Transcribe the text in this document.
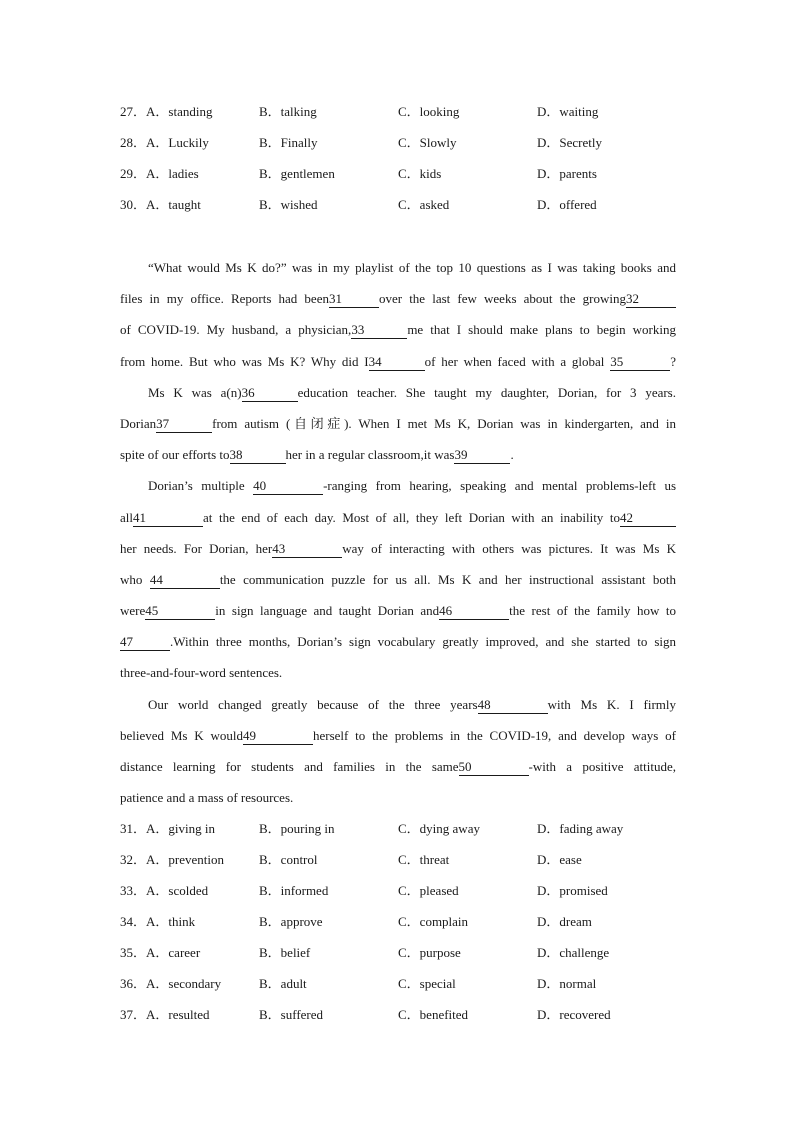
27．A．standing	B．talking	C．looking	D．waiting
28．A．Luckily	B．Finally	C．Slowly	D．Secretly
29．A．ladies	B．gentlemen	C．kids	D．parents
30．A．taught	B．wished	C．asked	D．offered
“What would Ms K do?” was in my playlist of the top 10 questions as I was taking books and
files in my office. Reports had been31	over the last few weeks about the growing32
of COVID-19. My husband, a physician,33	me that I should make plans to begin working
from home. But who was Ms K? Why did I34	of her when faced with a global 35	?
Ms K was a(n)36	education teacher. She taught my daughter, Dorian, for 3 years.
Dorian37	from autism (自闭症). When I met Ms K, Dorian was in kindergarten, and in
spite of our efforts to38	her in a regular classroom,it was39	.
Dorian’s multiple 40	-ranging from hearing, speaking and mental problems-left us
all41	at the end of each day. Most of all, they left Dorian with an inability to42
her needs. For Dorian, her43	way of interacting with others was pictures. It was Ms K
who 44	the communication puzzle for us all. Ms K and her instructional assistant both
were45	in sign language and taught Dorian and46	the rest of the family how to
47	.Within three months, Dorian’s sign vocabulary greatly improved, and she started to sign
three-and-four-word sentences.
Our world changed greatly because of the three years48	with Ms K. I firmly
believed Ms K would49	herself to the problems in the COVID-19, and develop ways of
distance learning for students and families in the same50	-with a positive attitude,
patience and a mass of resources.
31．A．giving in	B．pouring in	C．dying away	D．fading away
32．A．prevention	B．control	C．threat	D．ease
33．A．scolded	B．informed	C．pleased	D．promised
34．A．think	B．approve	C．complain	D．dream
35．A．career	B．belief	C．purpose	D．challenge
36．A．secondary	B．adult	C．special	D．normal
37．A．resulted	B．suffered	C．benefited	D．recovered
